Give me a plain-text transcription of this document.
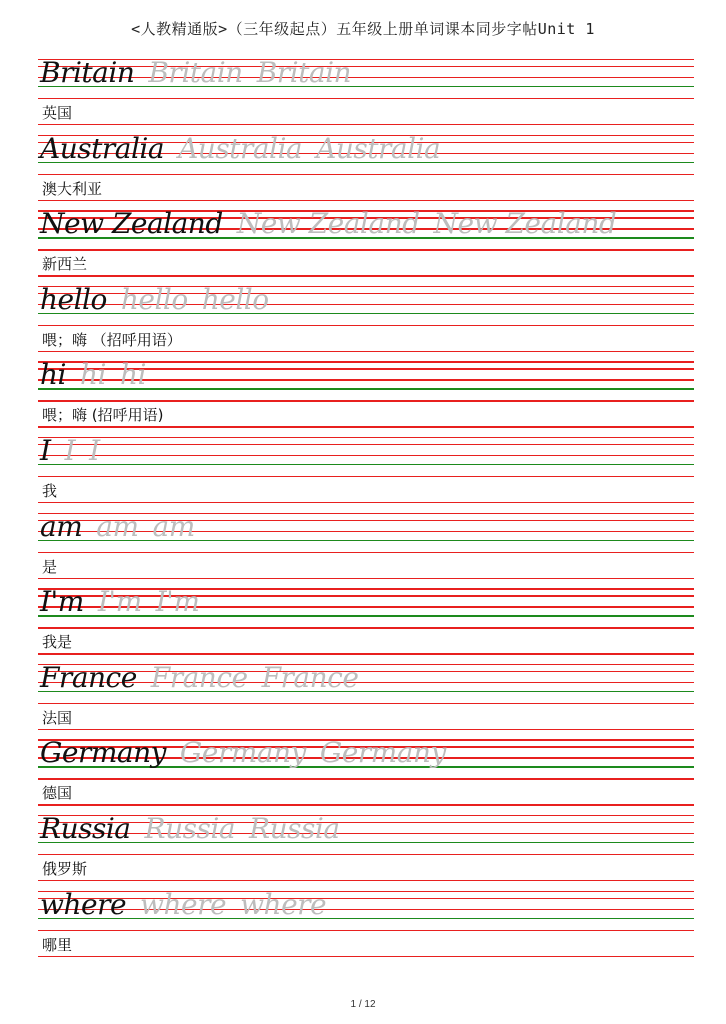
<人教精通版>（三年级起点）五年级上册单词课本同步字帖Unit 1
Britain Britain Britain
英国
Australia Australia Australia
澳大利亚
New Zealand New Zealand New Zealand
新西兰
hello hello hello
喂；嗨 （招呼用语）
hi hi hi
喂；嗨 (招呼用语)
I I I
我
am am am
是
I'm I'm I'm
我是
France France France
法国
Germany Germany Germany
德国
Russia Russia Russia
俄罗斯
where where where
哪里
1 / 12
